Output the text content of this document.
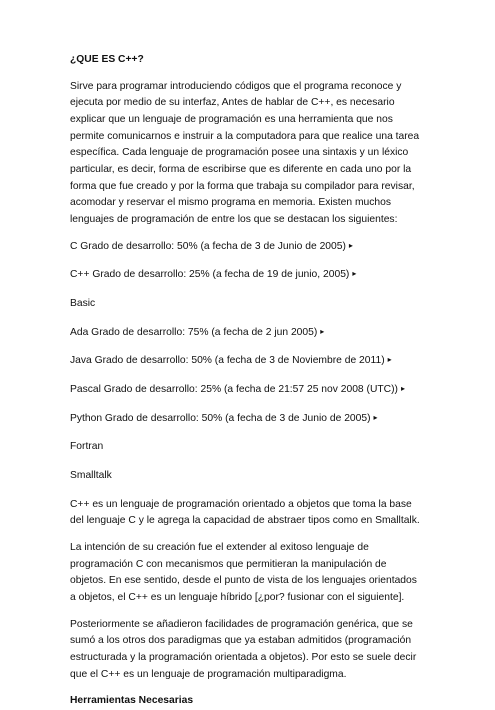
¿QUE ES C++?

Sirve para programar introduciendo códigos que el programa reconoce y ejecuta por medio de su interfaz, Antes de hablar de C++, es necesario explicar que un lenguaje de programación es una herramienta que nos permite comunicarnos e instruir a la computadora para que realice una tarea específica. Cada lenguaje de programación posee una sintaxis y un léxico particular, es decir, forma de escribirse que es diferente en cada uno por la forma que fue creado y por la forma que trabaja su compilador para revisar, acomodar y reservar el mismo programa en memoria. Existen muchos lenguajes de programación de entre los que se destacan los siguientes:

C Grado de desarrollo: 50% (a fecha de 3 de Junio de 2005) ▸
C++ Grado de desarrollo: 25% (a fecha de 19 de junio, 2005) ▸
Basic
Ada Grado de desarrollo: 75% (a fecha de 2 jun 2005) ▸
Java Grado de desarrollo: 50% (a fecha de 3 de Noviembre de 2011) ▸
Pascal Grado de desarrollo: 25% (a fecha de 21:57 25 nov 2008 (UTC)) ▸
Python Grado de desarrollo: 50% (a fecha de 3 de Junio de 2005) ▸
Fortran
Smalltalk

C++ es un lenguaje de programación orientado a objetos que toma la base del lenguaje C y le agrega la capacidad de abstraer tipos como en Smalltalk.

La intención de su creación fue el extender al exitoso lenguaje de programación C con mecanismos que permitieran la manipulación de objetos. En ese sentido, desde el punto de vista de los lenguajes orientados a objetos, el C++ es un lenguaje híbrido [¿por? fusionar con el siguiente].

Posteriormente se añadieron facilidades de programación genérica, que se sumó a los otros dos paradigmas que ya estaban admitidos (programación estructurada y la programación orientada a objetos). Por esto se suele decir que el C++ es un lenguaje de programación multiparadigma.

Herramientas Necesarias
